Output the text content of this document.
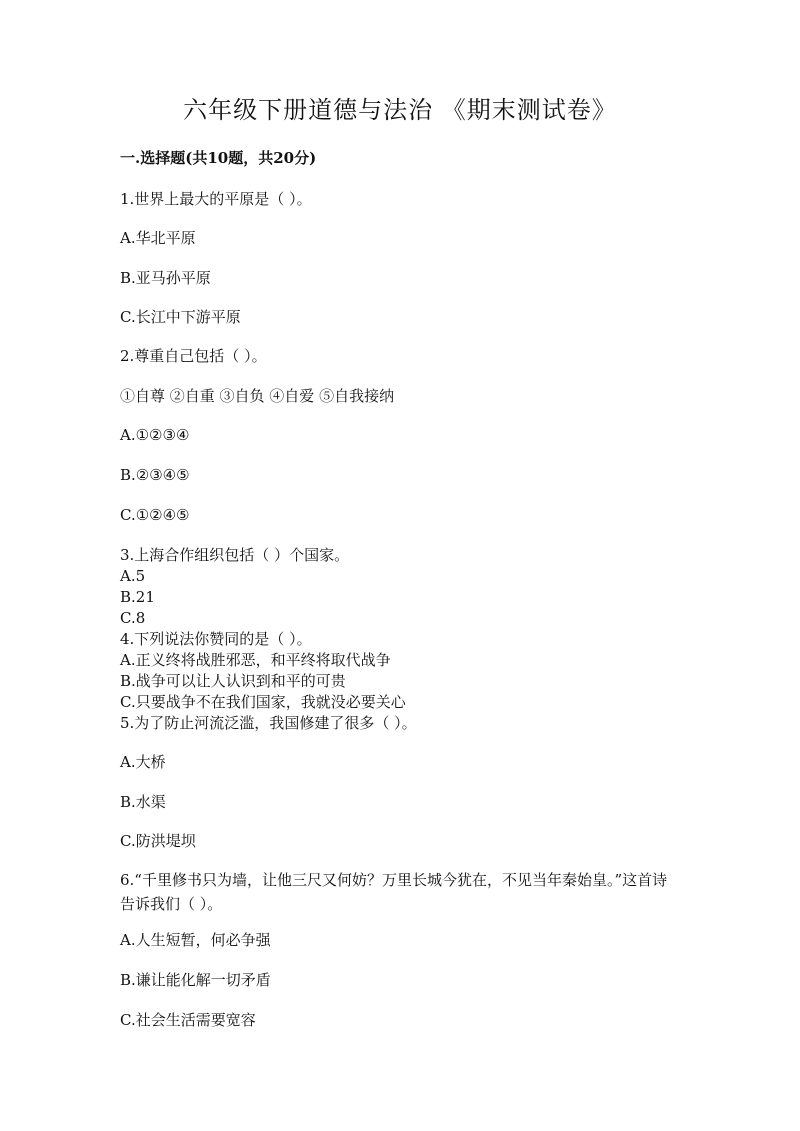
六年级下册道德与法治 《期末测试卷》
一.选择题(共10题，共20分)
1.世界上最大的平原是（ ）。
A.华北平原
B.亚马孙平原
C.长江中下游平原
2.尊重自己包括（ ）。
①自尊 ②自重 ③自负 ④自爱 ⑤自我接纳
A.①②③④
B.②③④⑤
C.①②④⑤
3.上海合作组织包括（ ）个国家。
A.5
B.21
C.8
4.下列说法你赞同的是（ ）。
A.正义终将战胜邪恶，和平终将取代战争
B.战争可以让人认识到和平的可贵
C.只要战争不在我们国家，我就没必要关心
5.为了防止河流泛滥，我国修建了很多（ ）。
A.大桥
B.水渠
C.防洪堤坝
6.“千里修书只为墙，让他三尺又何妨？万里长城今犹在，不见当年秦始皇。”这首诗告诉我们（ ）。
A.人生短暂，何必争强
B.谦让能化解一切矛盾
C.社会生活需要宽容
